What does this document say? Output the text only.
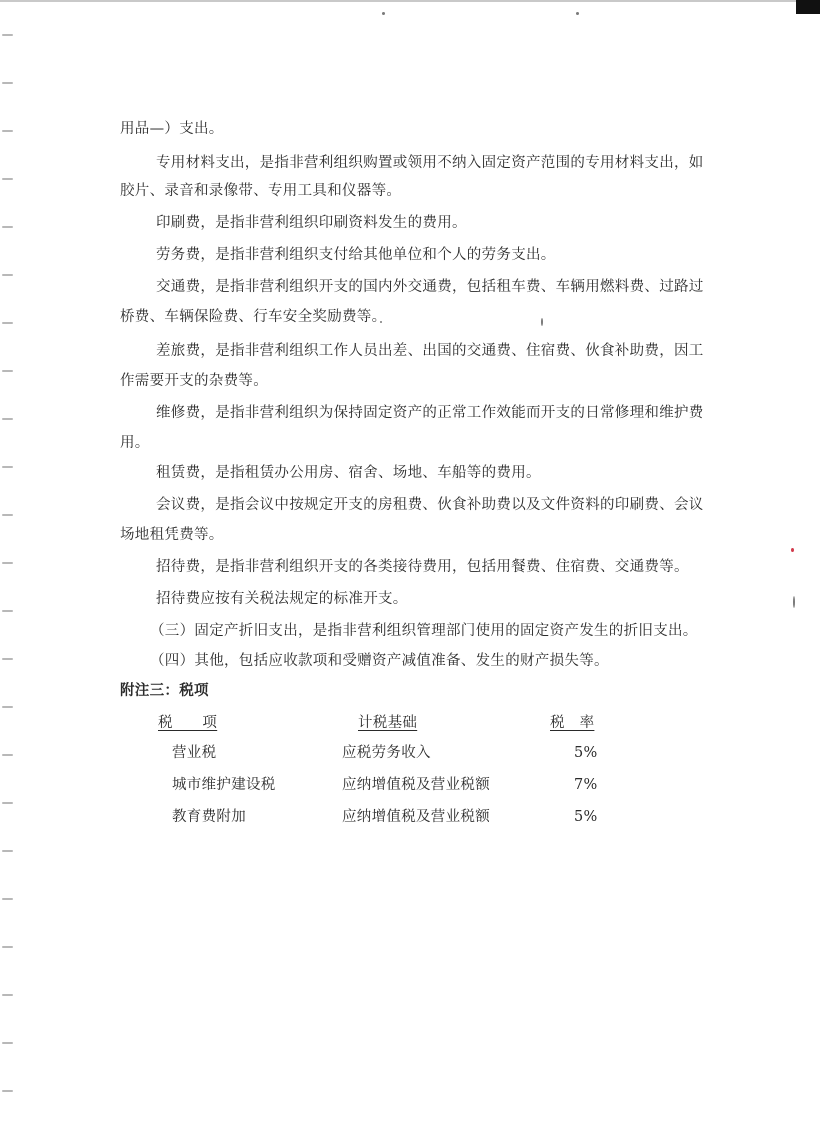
用品—）支出。
专用材料支出，是指非营利组织购置或领用不纳入固定资产范围的专用材料支出，如
胶片、录音和录像带、专用工具和仪器等。
印刷费，是指非营利组织印刷资料发生的费用。
劳务费，是指非营利组织支付给其他单位和个人的劳务支出。
交通费，是指非营利组织开支的国内外交通费，包括租车费、车辆用燃料费、过路过
桥费、车辆保险费、行车安全奖励费等。
差旅费，是指非营利组织工作人员出差、出国的交通费、住宿费、伙食补助费，因工
作需要开支的杂费等。
维修费，是指非营利组织为保持固定资产的正常工作效能而开支的日常修理和维护费
用。
租赁费，是指租赁办公用房、宿舍、场地、车船等的费用。
会议费，是指会议中按规定开支的房租费、伙食补助费以及文件资料的印刷费、会议
场地租凭费等。
招待费，是指非营利组织开支的各类接待费用，包括用餐费、住宿费、交通费等。
招待费应按有关税法规定的标准开支。
（三）固定产折旧支出，是指非营利组织管理部门使用的固定资产发生的折旧支出。
（四）其他，包括应收款项和受赠资产减值准备、发生的财产损失等。
附注三：税项
税　　项	计税基础	税　率
营业税	应税劳务收入	5%
城市维护建设税	应纳增值税及营业税额	7%
教育费附加	应纳增值税及营业税额	5%
